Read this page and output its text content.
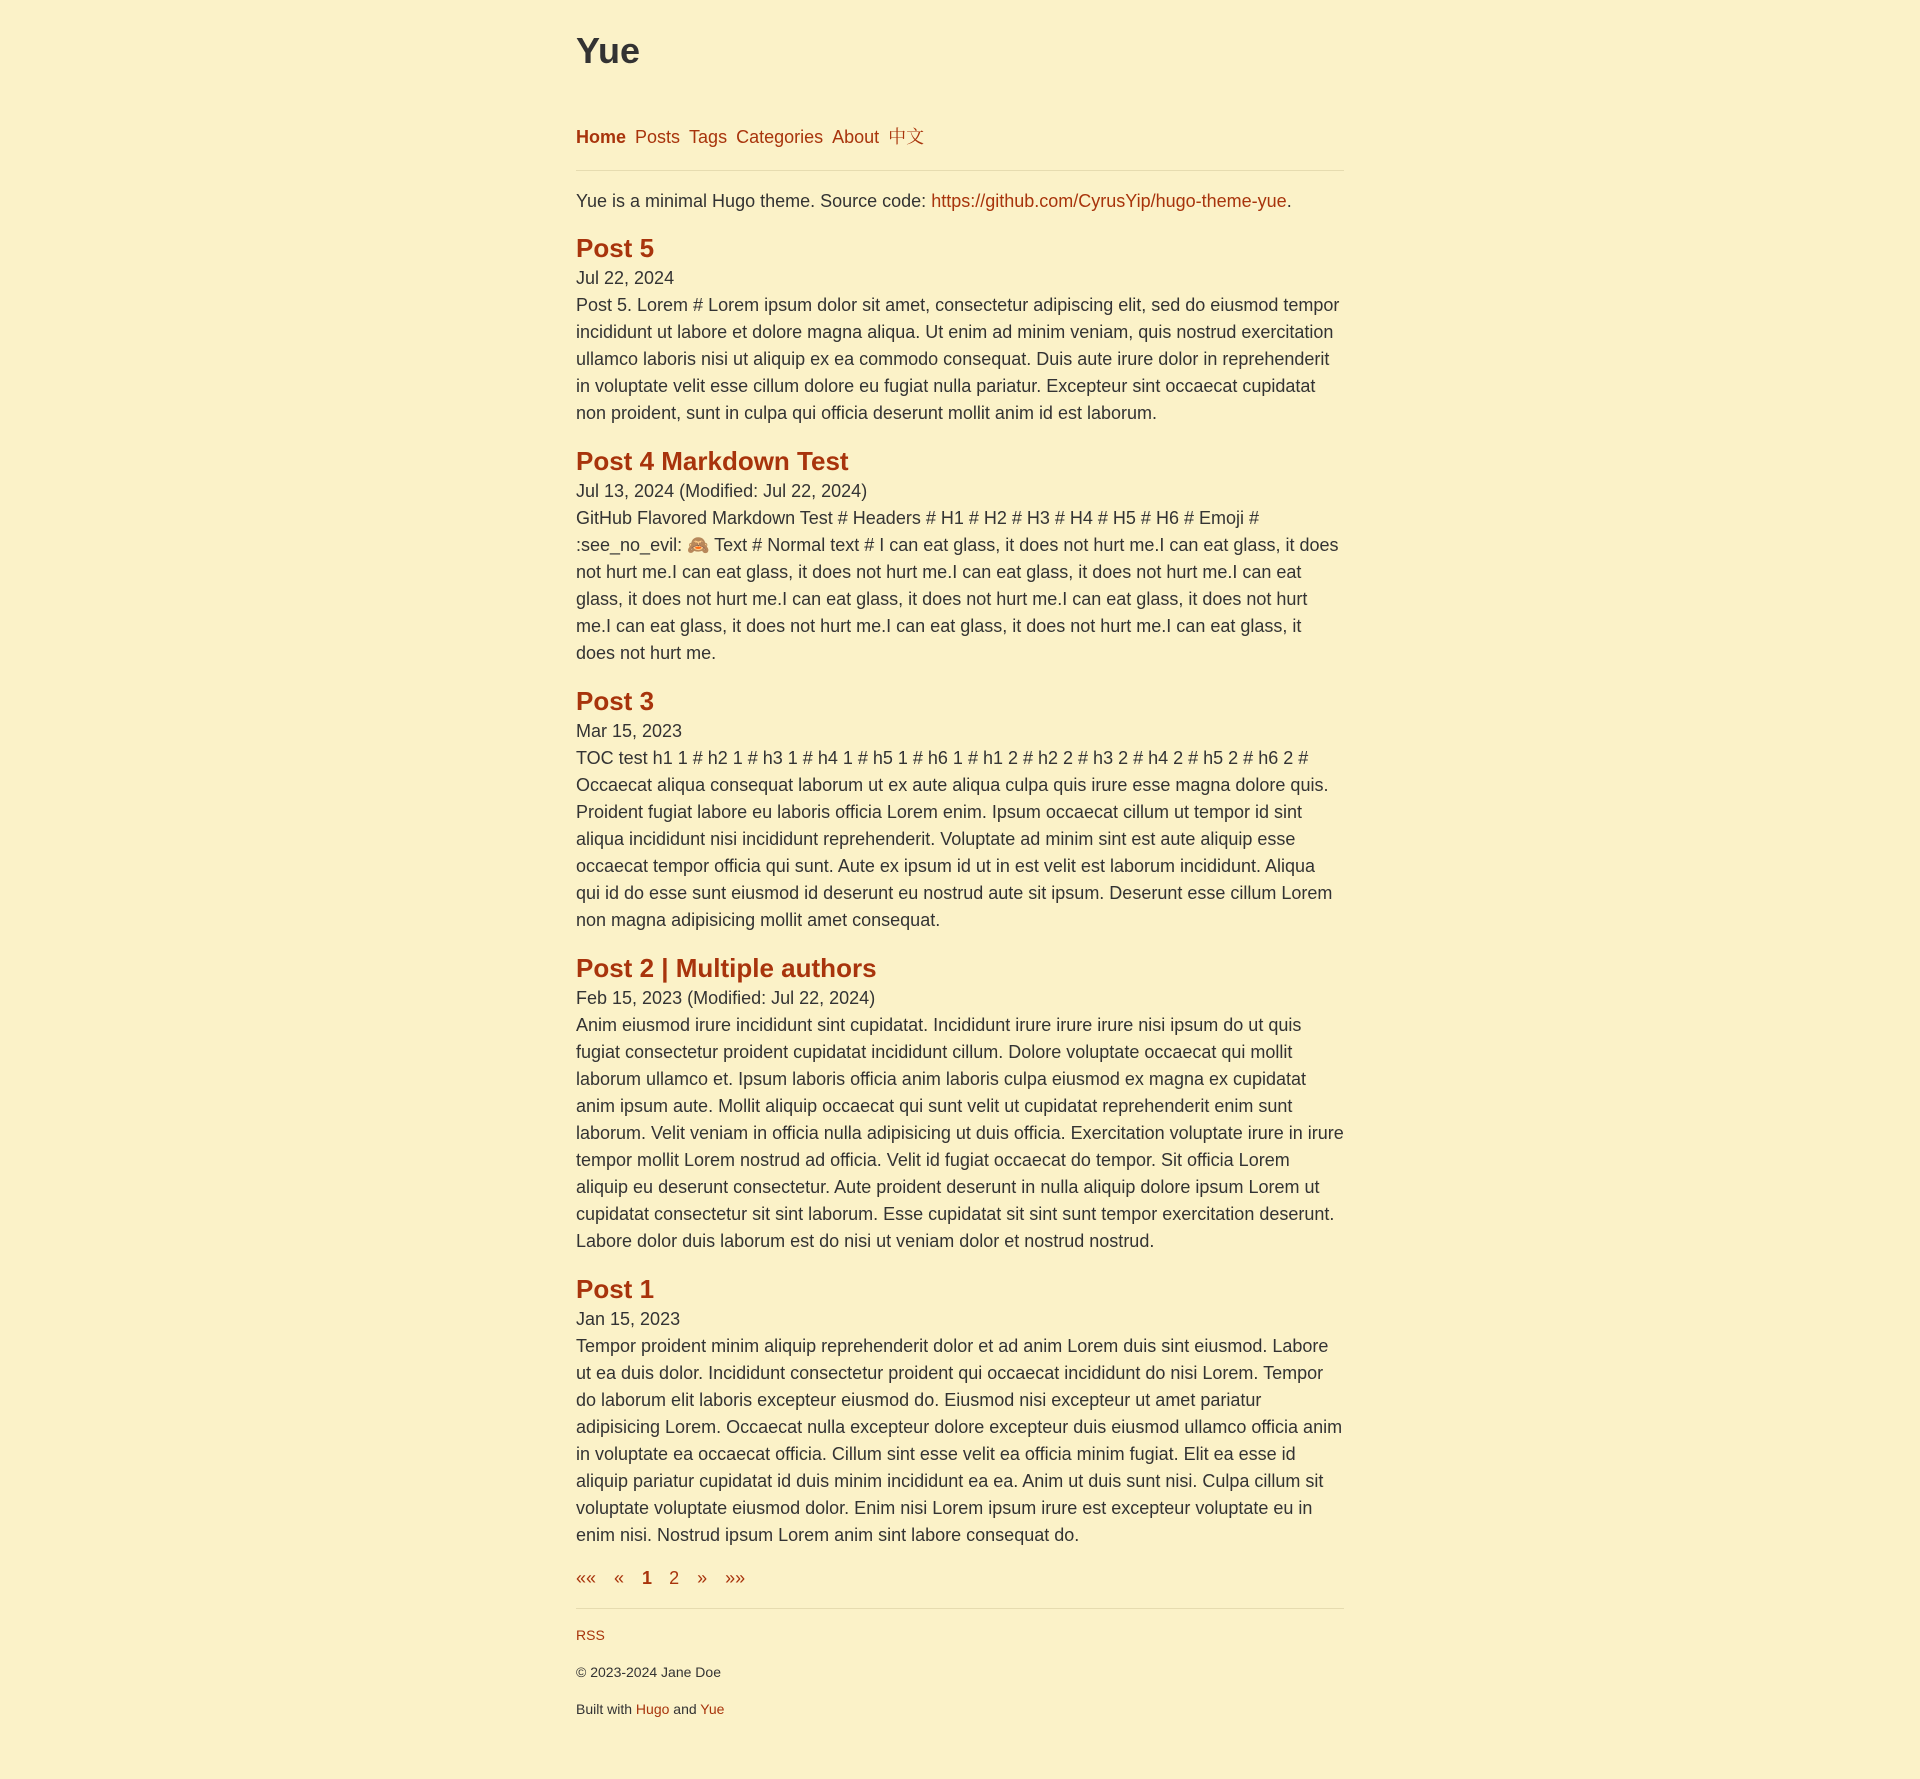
Yue
Home Posts Tags Categories About 中文
Yue is a minimal Hugo theme. Source code: https://github.com/CyrusYip/hugo-theme-yue.
Post 5
Jul 22, 2024
Post 5. Lorem # Lorem ipsum dolor sit amet, consectetur adipiscing elit, sed do eiusmod tempor incididunt ut labore et dolore magna aliqua. Ut enim ad minim veniam, quis nostrud exercitation ullamco laboris nisi ut aliquip ex ea commodo consequat. Duis aute irure dolor in reprehenderit in voluptate velit esse cillum dolore eu fugiat nulla pariatur. Excepteur sint occaecat cupidatat non proident, sunt in culpa qui officia deserunt mollit anim id est laborum.
Post 4 Markdown Test
Jul 13, 2024 (Modified: Jul 22, 2024)
GitHub Flavored Markdown Test # Headers # H1 # H2 # H3 # H4 # H5 # H6 # Emoji # :see_no_evil: 🙈 Text # Normal text # I can eat glass, it does not hurt me.I can eat glass, it does not hurt me.I can eat glass, it does not hurt me.I can eat glass, it does not hurt me.I can eat glass, it does not hurt me.I can eat glass, it does not hurt me.I can eat glass, it does not hurt me.I can eat glass, it does not hurt me.I can eat glass, it does not hurt me.I can eat glass, it does not hurt me.
Post 3
Mar 15, 2023
TOC test h1 1 # h2 1 # h3 1 # h4 1 # h5 1 # h6 1 # h1 2 # h2 2 # h3 2 # h4 2 # h5 2 # h6 2 # Occaecat aliqua consequat laborum ut ex aute aliqua culpa quis irure esse magna dolore quis. Proident fugiat labore eu laboris officia Lorem enim. Ipsum occaecat cillum ut tempor id sint aliqua incididunt nisi incididunt reprehenderit. Voluptate ad minim sint est aute aliquip esse occaecat tempor officia qui sunt. Aute ex ipsum id ut in est velit est laborum incididunt. Aliqua qui id do esse sunt eiusmod id deserunt eu nostrud aute sit ipsum. Deserunt esse cillum Lorem non magna adipisicing mollit amet consequat.
Post 2 | Multiple authors
Feb 15, 2023 (Modified: Jul 22, 2024)
Anim eiusmod irure incididunt sint cupidatat. Incididunt irure irure irure nisi ipsum do ut quis fugiat consectetur proident cupidatat incididunt cillum. Dolore voluptate occaecat qui mollit laborum ullamco et. Ipsum laboris officia anim laboris culpa eiusmod ex magna ex cupidatat anim ipsum aute. Mollit aliquip occaecat qui sunt velit ut cupidatat reprehenderit enim sunt laborum. Velit veniam in officia nulla adipisicing ut duis officia. Exercitation voluptate irure in irure tempor mollit Lorem nostrud ad officia. Velit id fugiat occaecat do tempor. Sit officia Lorem aliquip eu deserunt consectetur. Aute proident deserunt in nulla aliquip dolore ipsum Lorem ut cupidatat consectetur sit sint laborum. Esse cupidatat sit sint sunt tempor exercitation deserunt. Labore dolor duis laborum est do nisi ut veniam dolor et nostrud nostrud.
Post 1
Jan 15, 2023
Tempor proident minim aliquip reprehenderit dolor et ad anim Lorem duis sint eiusmod. Labore ut ea duis dolor. Incididunt consectetur proident qui occaecat incididunt do nisi Lorem. Tempor do laborum elit laboris excepteur eiusmod do. Eiusmod nisi excepteur ut amet pariatur adipisicing Lorem. Occaecat nulla excepteur dolore excepteur duis eiusmod ullamco officia anim in voluptate ea occaecat officia. Cillum sint esse velit ea officia minim fugiat. Elit ea esse id aliquip pariatur cupidatat id duis minim incididunt ea ea. Anim ut duis sunt nisi. Culpa cillum sit voluptate voluptate eiusmod dolor. Enim nisi Lorem ipsum irure est excepteur voluptate eu in enim nisi. Nostrud ipsum Lorem anim sint labore consequat do.
«« « 1 2 » »»
RSS
© 2023-2024 Jane Doe
Built with Hugo and Yue
